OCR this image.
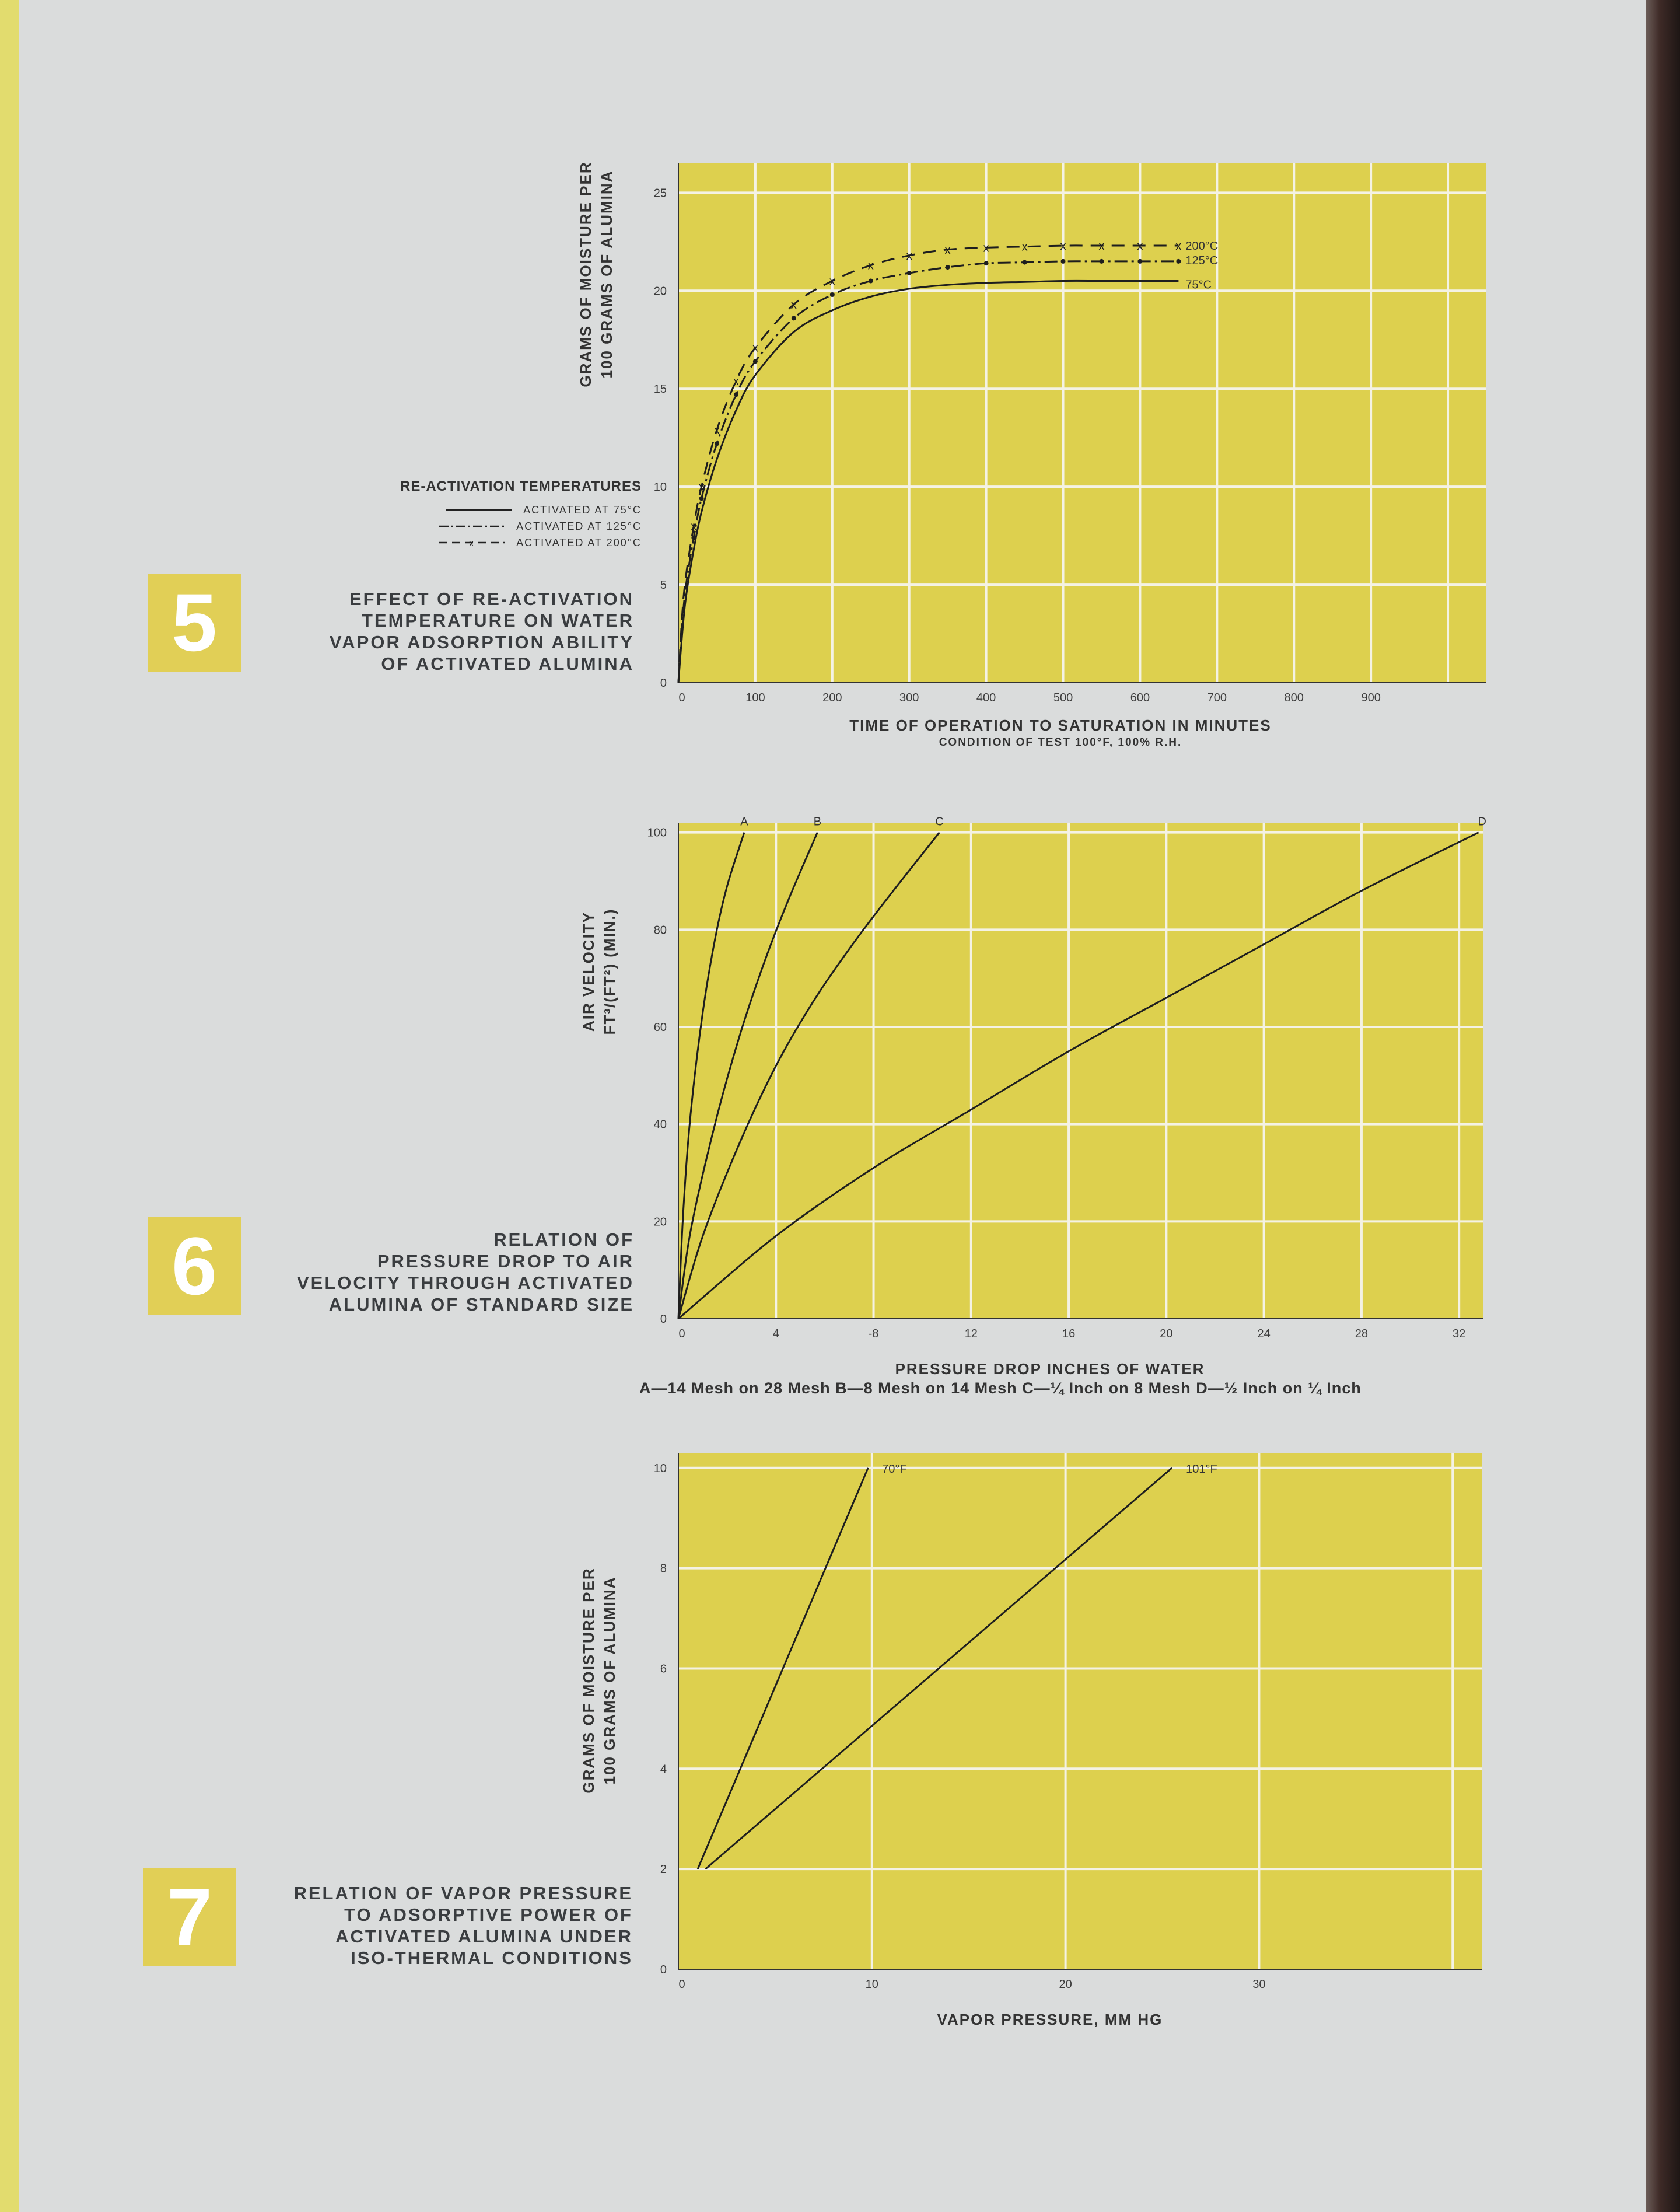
5
6
7
EFFECT OF RE-ACTIVATION
TEMPERATURE ON WATER
VAPOR ADSORPTION ABILITY
OF ACTIVATED ALUMINA
RELATION OF
PRESSURE DROP TO AIR
VELOCITY THROUGH ACTIVATED
ALUMINA OF STANDARD SIZE
RELATION OF VAPOR PRESSURE
TO ADSORPTIVE POWER OF
ACTIVATED ALUMINA UNDER
ISO-THERMAL CONDITIONS
RE-ACTIVATION TEMPERATURES
ACTIVATED AT 75°C
ACTIVATED AT 125°C
x	ACTIVATED AT 200°C
0	100	200	300	400	500	600	700	800	900
0
5
10
15
20
25
TIME OF OPERATION TO SATURATION IN MINUTES
CONDITION OF TEST 100°F, 100% R.H.
GRAMS OF MOISTURE PER 100 GRAMS OF ALUMINA
x
x
x
x
x
x
x
x
x	x	x	x	x	x	x	x 200°C
125°C
75°C
0	4	-8	12	16	20	24	28	32
0
20
40
60
80
100
PRESSURE DROP INCHES OF WATER
AIR VELOCITY FT³/(FT²) (MIN.)
A	B	C	D
0	10	20	30
0
2
4
6
8
10
VAPOR PRESSURE, MM HG
GRAMS OF MOISTURE PER 100 GRAMS OF ALUMINA
70°F	101°F
A—14 Mesh on 28 Mesh B—8 Mesh on 14 Mesh C—¼ Inch on 8 Mesh D—½ Inch on ¼ Inch
